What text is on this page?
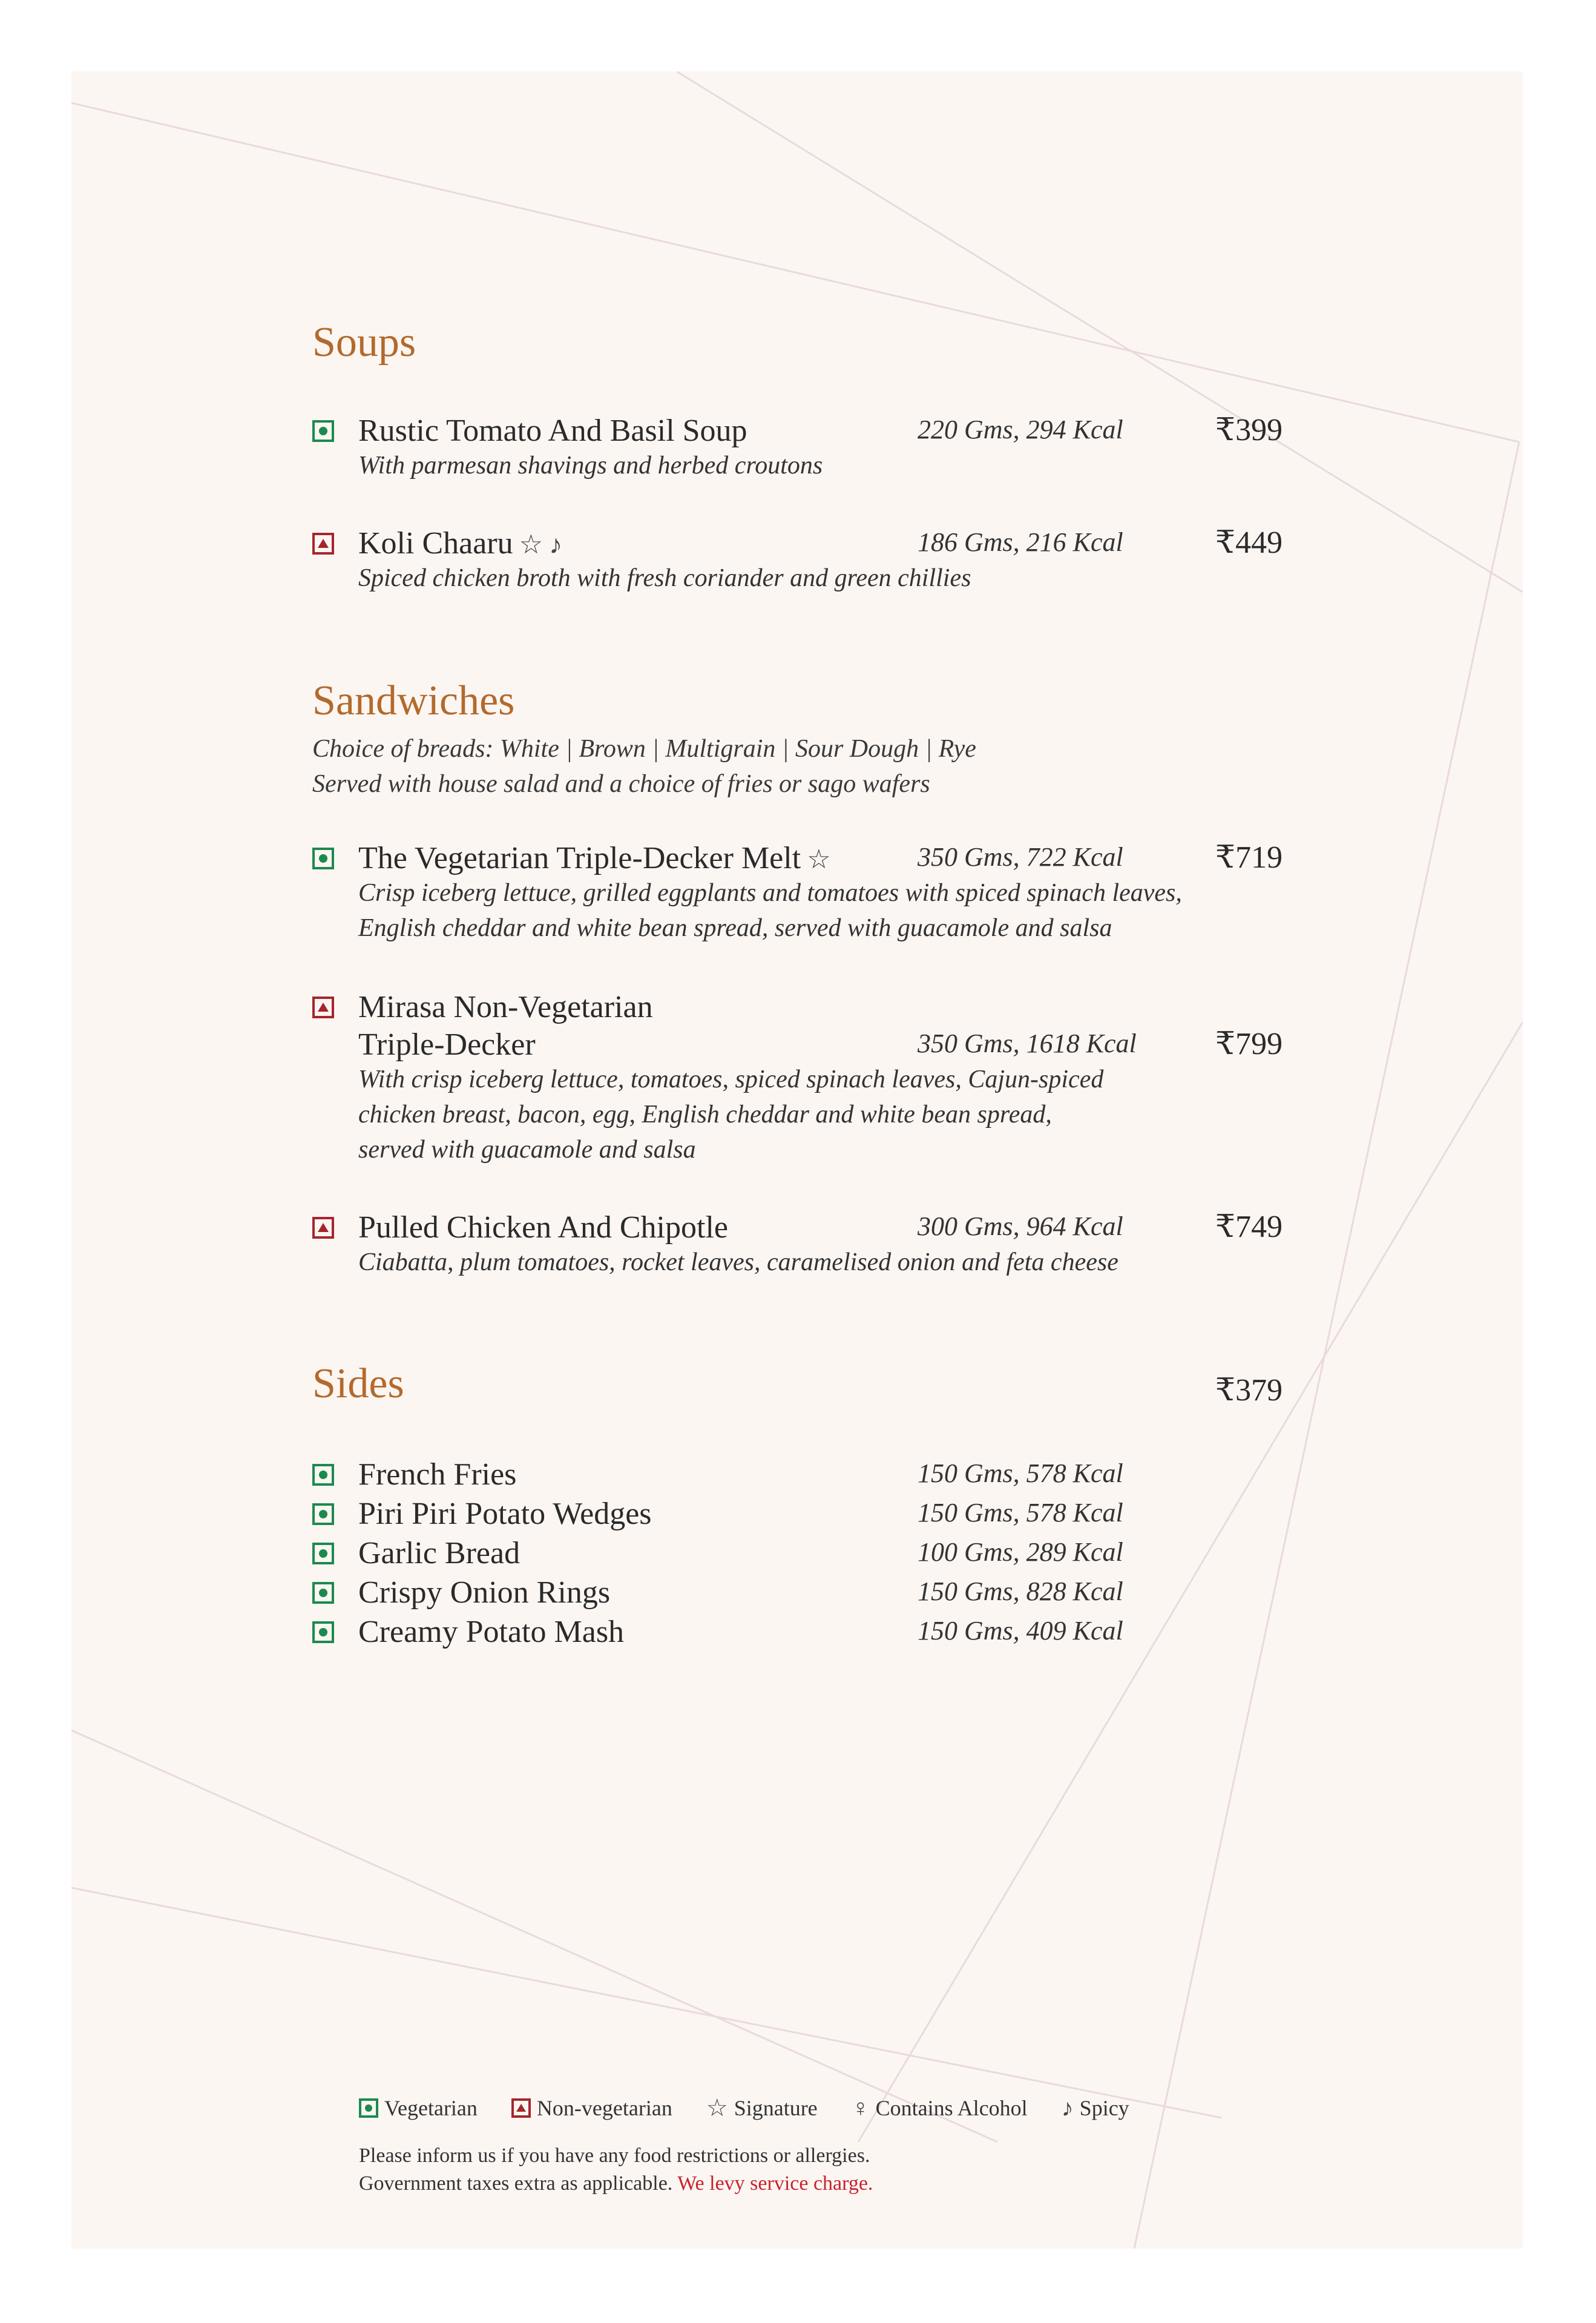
Soups
Rustic Tomato And Basil Soup	220 Gms, 294 Kcal
With parmesan shavings and herbed croutons
₹399
Koli Chaaru ☆ ♪	186 Gms, 216 Kcal
Spiced chicken broth with fresh coriander and green chillies
₹449
Sandwiches
Choice of breads: White | Brown | Multigrain | Sour Dough | Rye
Served with house salad and a choice of fries or sago wafers
The Vegetarian Triple-Decker Melt ☆	350 Gms, 722 Kcal
Crisp iceberg lettuce, grilled eggplants and tomatoes with spiced spinach leaves,
English cheddar and white bean spread, served with guacamole and salsa
₹719
Mirasa Non-Vegetarian
Triple-Decker	350 Gms, 1618 Kcal
With crisp iceberg lettuce, tomatoes, spiced spinach leaves, Cajun-spiced
chicken breast, bacon, egg, English cheddar and white bean spread,
served with guacamole and salsa
₹799
Pulled Chicken And Chipotle	300 Gms, 964 Kcal
Ciabatta, plum tomatoes, rocket leaves, caramelised onion and feta cheese
₹749
Sides	₹379
French Fries	150 Gms, 578 Kcal
Piri Piri Potato Wedges	150 Gms, 578 Kcal
Garlic Bread	100 Gms, 289 Kcal
Crispy Onion Rings	150 Gms, 828 Kcal
Creamy Potato Mash	150 Gms, 409 Kcal
Vegetarian	Non-vegetarian ☆ Signature ♀ Contains Alcohol ♪ Spicy
Please inform us if you have any food restrictions or allergies.
Government taxes extra as applicable. We levy service charge.
